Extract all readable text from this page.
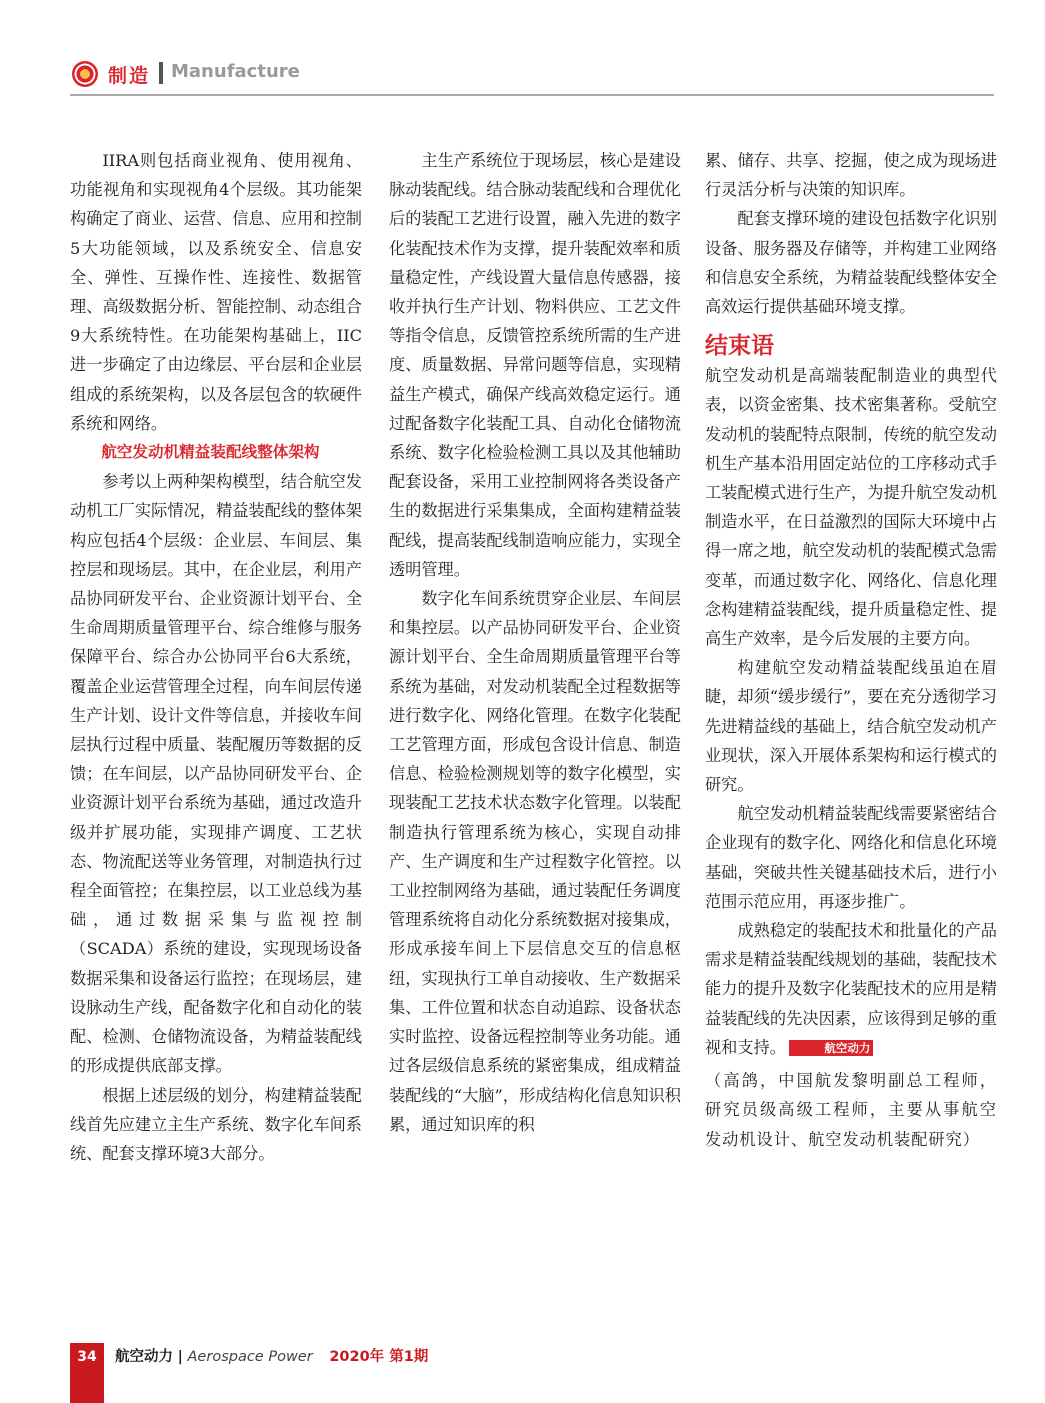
制造 Manufacture

IIRA则包括商业视角、使用视角、功能视角和实现视角4个层级。其功能架构确定了商业、运营、信息、应用和控制5大功能领域，以及系统安全、信息安全、弹性、互操作性、连接性、数据管理、高级数据分析、智能控制、动态组合9大系统特性。在功能架构基础上，IIC进一步确定了由边缘层、平台层和企业层组成的系统架构，以及各层包含的软硬件系统和网络。

航空发动机精益装配线整体架构

参考以上两种架构模型，结合航空发动机工厂实际情况，精益装配线的整体架构应包括4个层级：企业层、车间层、集控层和现场层。其中，在企业层，利用产品协同研发平台、企业资源计划平台、全生命周期质量管理平台、综合维修与服务保障平台、综合办公协同平台6大系统，覆盖企业运营管理全过程，向车间层传递生产计划、设计文件等信息，并接收车间层执行过程中质量、装配履历等数据的反馈；在车间层，以产品协同研发平台、企业资源计划平台系统为基础，通过改造升级并扩展功能，实现排产调度、工艺状态、物流配送等业务管理，对制造执行过程全面管控；在集控层，以工业总线为基础，通过数据采集与监视控制（SCADA）系统的建设，实现现场设备数据采集和设备运行监控；在现场层，建设脉动生产线，配备数字化和自动化的装配、检测、仓储物流设备，为精益装配线的形成提供底部支撑。

根据上述层级的划分，构建精益装配线首先应建立主生产系统、数字化车间系统、配套支撑环境3大部分。

主生产系统位于现场层，核心是建设脉动装配线。结合脉动装配线和合理优化后的装配工艺进行设置，融入先进的数字化装配技术作为支撑，提升装配效率和质量稳定性，产线设置大量信息传感器，接收并执行生产计划、物料供应、工艺文件等指令信息，反馈管控系统所需的生产进度、质量数据、异常问题等信息，实现精益生产模式，确保产线高效稳定运行。通过配备数字化装配工具、自动化仓储物流系统、数字化检验检测工具以及其他辅助配套设备，采用工业控制网将各类设备产生的数据进行采集集成，全面构建精益装配线，提高装配线制造响应能力，实现全透明管理。

数字化车间系统贯穿企业层、车间层和集控层。以产品协同研发平台、企业资源计划平台、全生命周期质量管理平台等系统为基础，对发动机装配全过程数据等进行数字化、网络化管理。在数字化装配工艺管理方面，形成包含设计信息、制造信息、检验检测规划等的数字化模型，实现装配工艺技术状态数字化管理。以装配制造执行管理系统为核心，实现自动排产、生产调度和生产过程数字化管控。以工业控制网络为基础，通过装配任务调度管理系统将自动化分系统数据对接集成，形成承接车间上下层信息交互的信息枢纽，实现执行工单自动接收、生产数据采集、工件位置和状态自动追踪、设备状态实时监控、设备远程控制等业务功能。通过各层级信息系统的紧密集成，组成精益装配线的“大脑”，形成结构化信息知识积累，通过知识库的积

累、储存、共享、挖掘，使之成为现场进行灵活分析与决策的知识库。

配套支撑环境的建设包括数字化识别设备、服务器及存储等，并构建工业网络和信息安全系统，为精益装配线整体安全高效运行提供基础环境支撑。

结束语

航空发动机是高端装配制造业的典型代表，以资金密集、技术密集著称。受航空发动机的装配特点限制，传统的航空发动机生产基本沿用固定站位的工序移动式手工装配模式进行生产，为提升航空发动机制造水平，在日益激烈的国际大环境中占得一席之地，航空发动机的装配模式急需变革，而通过数字化、网络化、信息化理念构建精益装配线，提升质量稳定性、提高生产效率，是今后发展的主要方向。

构建航空发动精益装配线虽迫在眉睫，却须“缓步缓行”，要在充分透彻学习先进精益线的基础上，结合航空发动机产业现状，深入开展体系架构和运行模式的研究。

航空发动机精益装配线需要紧密结合企业现有的数字化、网络化和信息化环境基础，突破共性关键基础技术后，进行小范围示范应用，再逐步推广。

成熟稳定的装配技术和批量化的产品需求是精益装配线规划的基础，装配技术能力的提升及数字化装配技术的应用是精益装配线的先决因素，应该得到足够的重视和支持。	航空动力

（高鸽，中国航发黎明副总工程师，研究员级高级工程师，主要从事航空发动机设计、航空发动机装配研究）

34	航空动力 | Aerospace Power 2020年 第1期
